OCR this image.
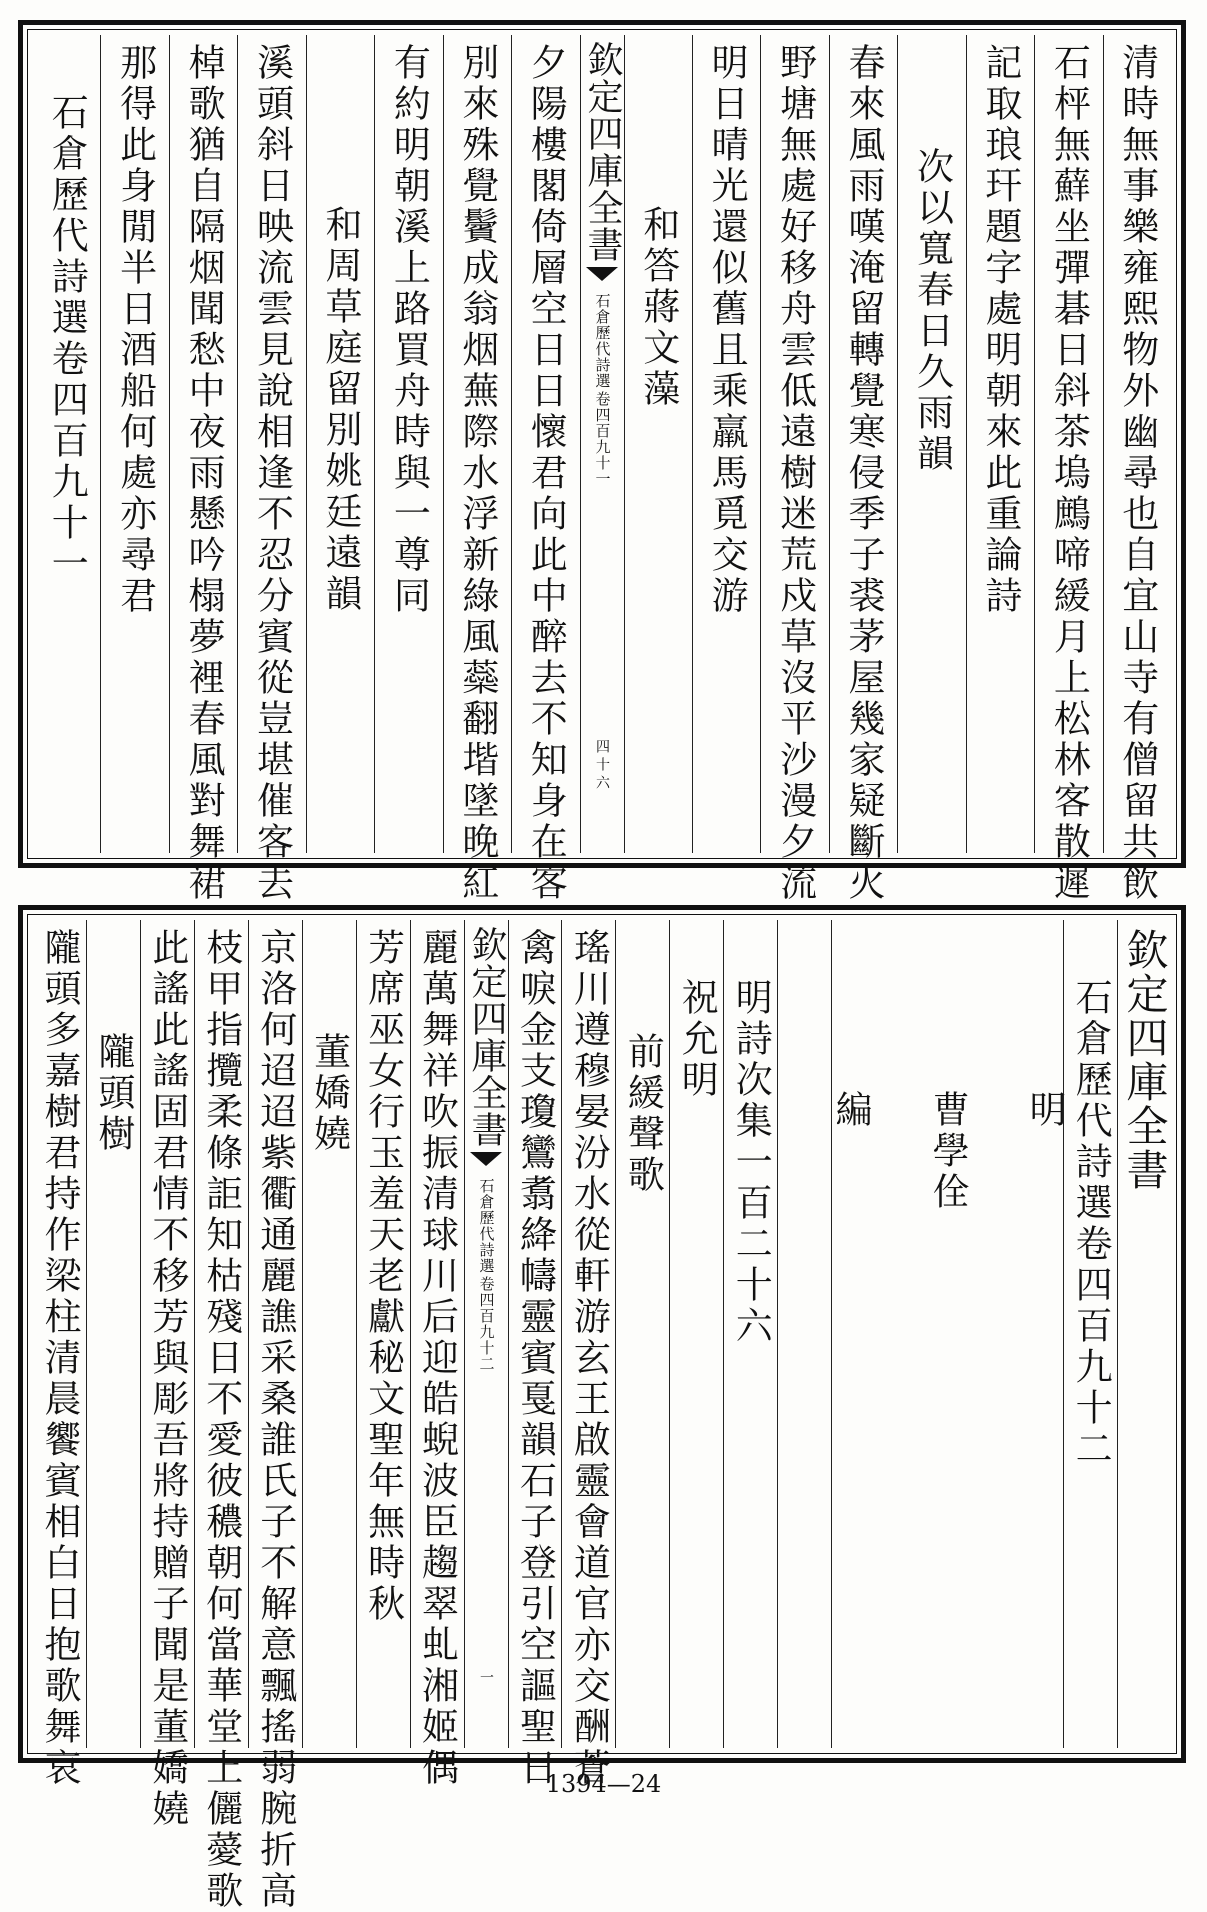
清時無事樂雍熙物外幽尋也自宜山寺有僧留共飲
石枰無蘚坐彈碁日斜茶塢鷓啼緩月上松林客散遲
記取琅玕題字處明朝來此重論詩
次以寬春日久雨韻
春來風雨嘆淹留轉覺寒侵季子裘茅屋幾家疑斷火
野塘無處好移舟雲低遠樹迷荒戍草沒平沙漫夕流
明日晴光還似舊且乘羸馬覓交游
和答蔣文藻
欽定四庫全書
石倉歷代詩選
卷四百九十一
四十六
夕陽樓閣倚層空日日懷君向此中醉去不知身在客
別來殊覺鬢成翁烟蕪際水浮新綠風蘂翻堦墜晚紅
有約明朝溪上路買舟時與一尊同
和周草庭留別姚廷遠韻
溪頭斜日映流雲見說相逢不忍分賓從豈堪催客去
棹歌猶自隔烟聞愁中夜雨懸吟榻夢裡春風對舞裙
那得此身閒半日酒船何處亦尋君
石倉歷代詩選卷四百九十一
欽定四庫全書
石倉歷代詩選卷四百九十二
明
曹學佺
編
明詩次集一百二十六
祝允明
前緩聲歌
瑤川遵穆晏汾水從軒游玄王啟靈會道官亦交酬蒼
禽唳金支瓊鸞翥絳幬靈賓戛韻石子登引空謳聖日
欽定四庫全書
石倉歷代詩選
卷四百九十二
一
麗萬舞祥吹振清球川后迎皓蜺波臣趨翠虬湘姬偶
芳席巫女行玉羞天老獻秘文聖年無時秋
董嬌嬈
京洛何迢迢紫衢通麗譙采桑誰氏子不解意飄搖弱腕折高
枝甲指攬柔條詎知枯殘日不愛彼穠朝何當華堂上儷薆歌
此謠此謠固君情不移芳與彫吾將持贈子聞是董嬌嬈
隴頭樹
隴頭多嘉樹君持作梁柱清晨饗賓相白日抱歌舞哀	1394—24
